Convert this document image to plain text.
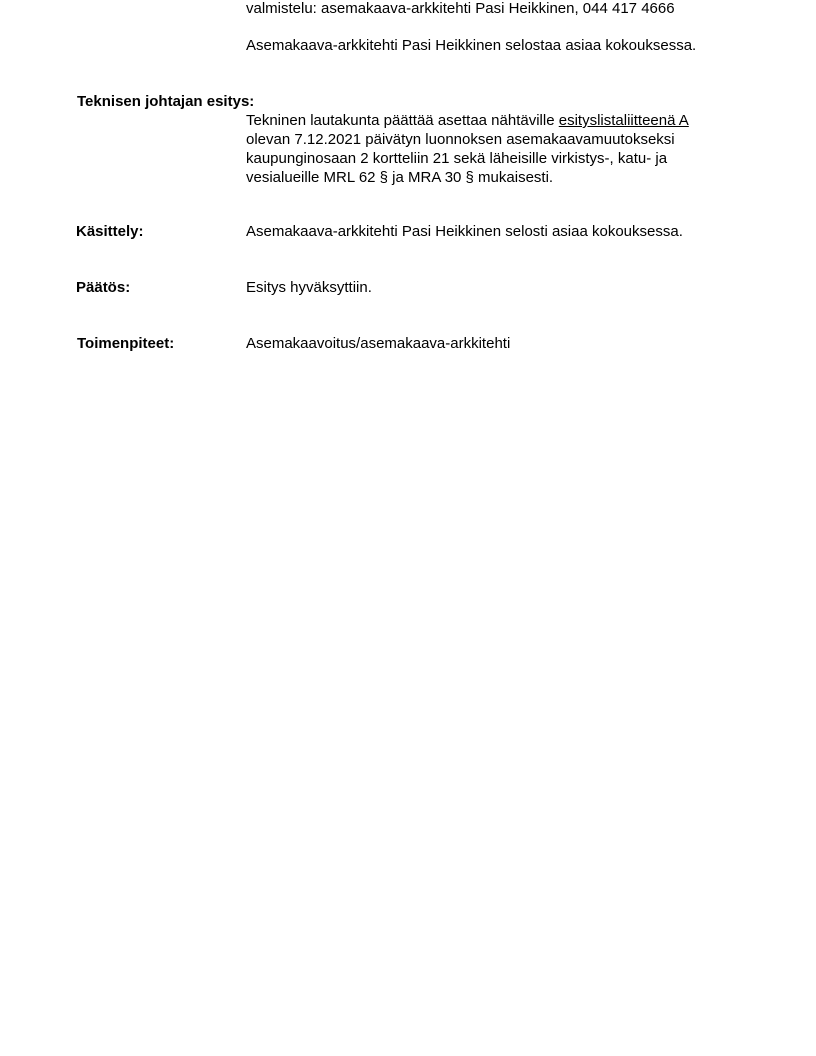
valmistelu: asemakaava-arkkitehti Pasi Heikkinen, 044 417 4666
Asemakaava-arkkitehti Pasi Heikkinen selostaa asiaa kokouksessa.
Teknisen johtajan esitys:
Tekninen lautakunta päättää asettaa nähtäville esityslistaliitteenä A
olevan 7.12.2021 päivätyn luonnoksen asemakaavamuutokseksi
kaupunginosaan 2 kortteliin 21 sekä läheisille virkistys-, katu- ja
vesialueille MRL 62 § ja MRA 30 § mukaisesti.
Käsittely:	Asemakaava-arkkitehti Pasi Heikkinen selosti asiaa kokouksessa.
Päätös:	Esitys hyväksyttiin.
Toimenpiteet:	Asemakaavoitus/asemakaava-arkkitehti
